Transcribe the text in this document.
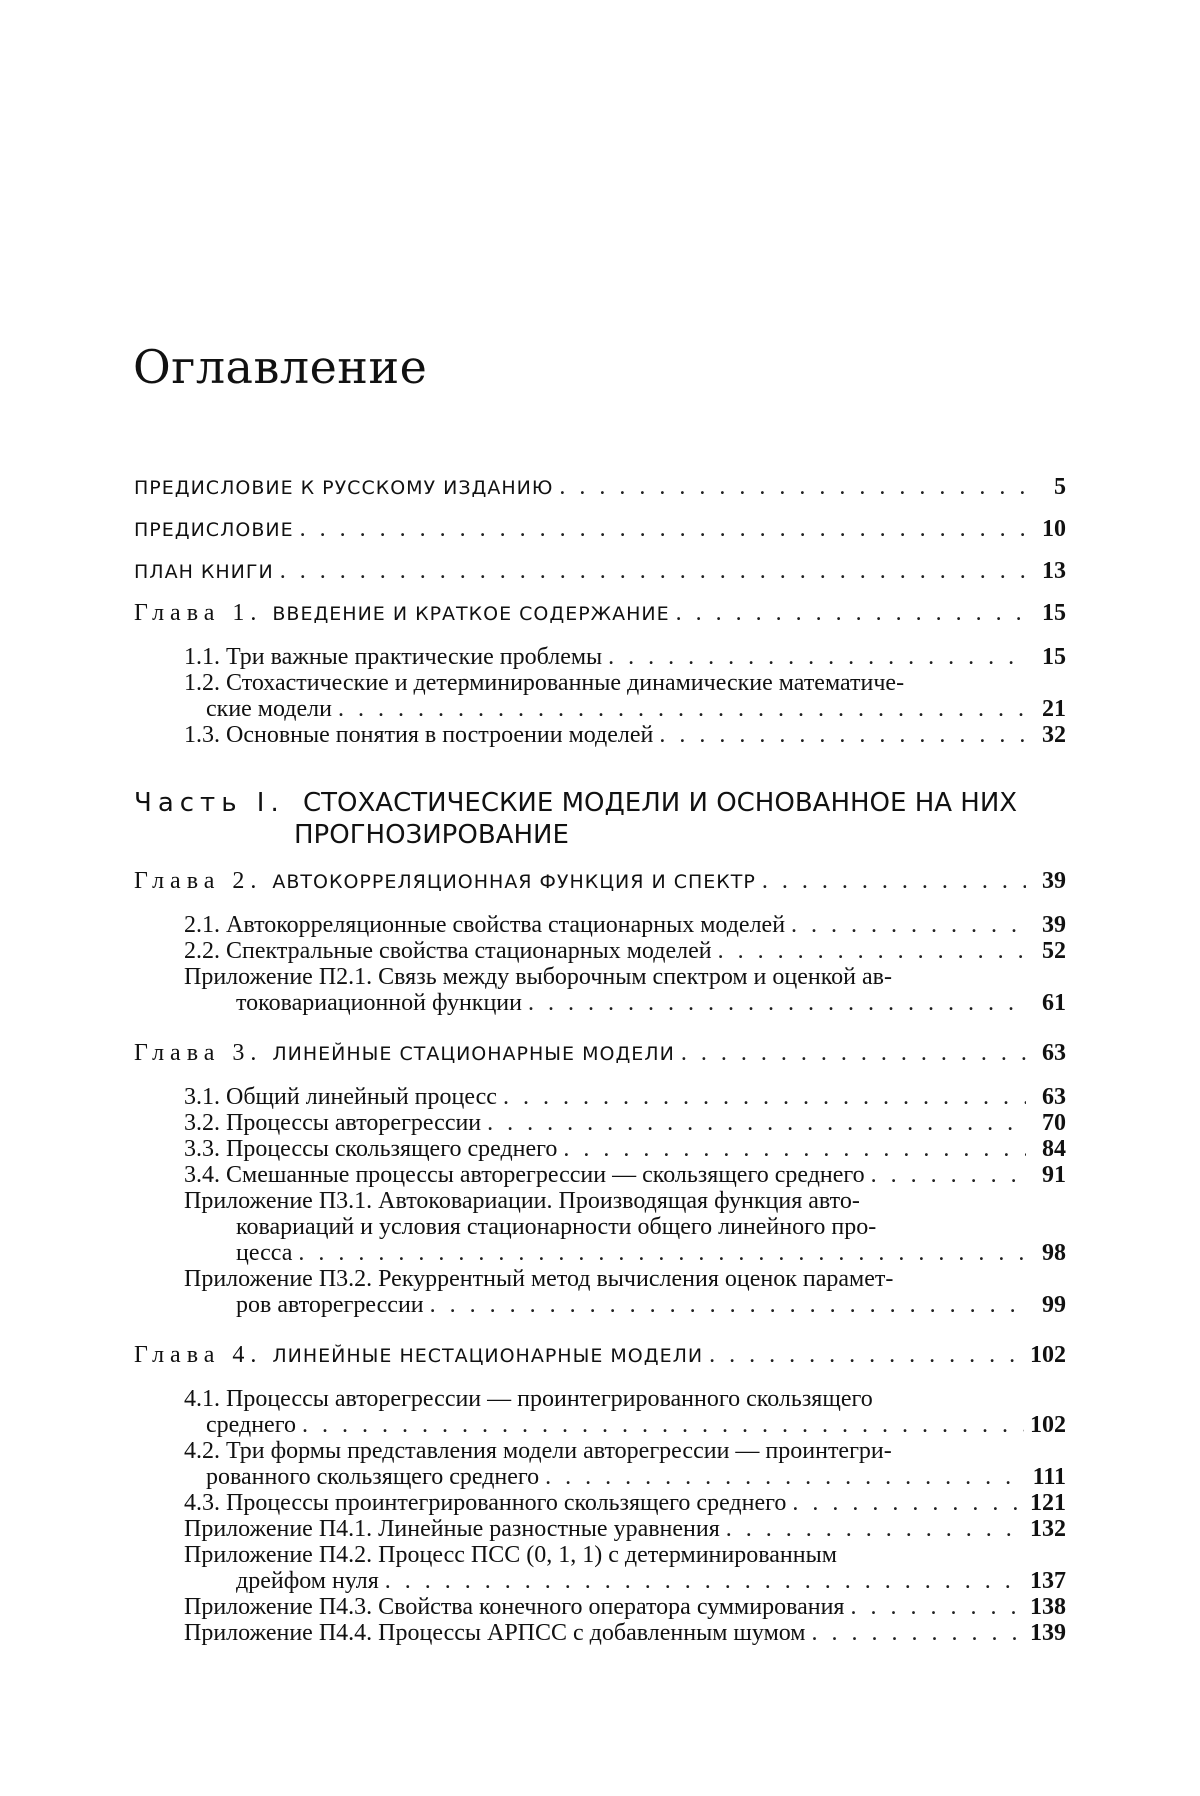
Оглавление
ПРЕДИСЛОВИЕ К РУССКОМУ ИЗДАНИЮ . . .	5
ПРЕДИСЛОВИЕ . . .	10
ПЛАН КНИГИ . . .	13
Глава 1. ВВЕДЕНИЕ И КРАТКОЕ СОДЕРЖАНИЕ . . .	15
1.1. Три важные практические проблемы . . .	15
1.2. Стохастические и детерминированные динамические математиче-
ские модели . . .	21
1.3. Основные понятия в построении моделей . . .	32
Часть I. СТОХАСТИЧЕСКИЕ МОДЕЛИ И ОСНОВАННОЕ НА НИХ
ПРОГНОЗИРОВАНИЕ
Глава 2. АВТОКОРРЕЛЯЦИОННАЯ ФУНКЦИЯ И СПЕКТР . . .	39
2.1. Автокорреляционные свойства стационарных моделей . . .	39
2.2. Спектральные свойства стационарных моделей . . .	52
Приложение П2.1. Связь между выборочным спектром и оценкой ав-
токовариационной функции . . .	61
Глава 3. ЛИНЕЙНЫЕ СТАЦИОНАРНЫЕ МОДЕЛИ . . .	63
3.1. Общий линейный процесс . . .	63
3.2. Процессы авторегрессии . . .	70
3.3. Процессы скользящего среднего . . .	84
3.4. Смешанные процессы авторегрессии — скользящего среднего . . .	91
Приложение П3.1. Автоковариации. Производящая функция авто-
ковариаций и условия стационарности общего линейного про-
цесса . . .	98
Приложение П3.2. Рекуррентный метод вычисления оценок парамет-
ров авторегрессии . . .	99
Глава 4. ЛИНЕЙНЫЕ НЕСТАЦИОНАРНЫЕ МОДЕЛИ . . .	102
4.1. Процессы авторегрессии — проинтегрированного скользящего
среднего . . .	102
4.2. Три формы представления модели авторегрессии — проинтегри-
рованного скользящего среднего . . .	111
4.3. Процессы проинтегрированного скользящего среднего . . .	121
Приложение П4.1. Линейные разностные уравнения . . .	132
Приложение П4.2. Процесс ПСС (0, 1, 1) с детерминированным
дрейфом нуля . . .	137
Приложение П4.3. Свойства конечного оператора суммирования . . .	138
Приложение П4.4. Процессы АРПСС с добавленным шумом . . .	139
